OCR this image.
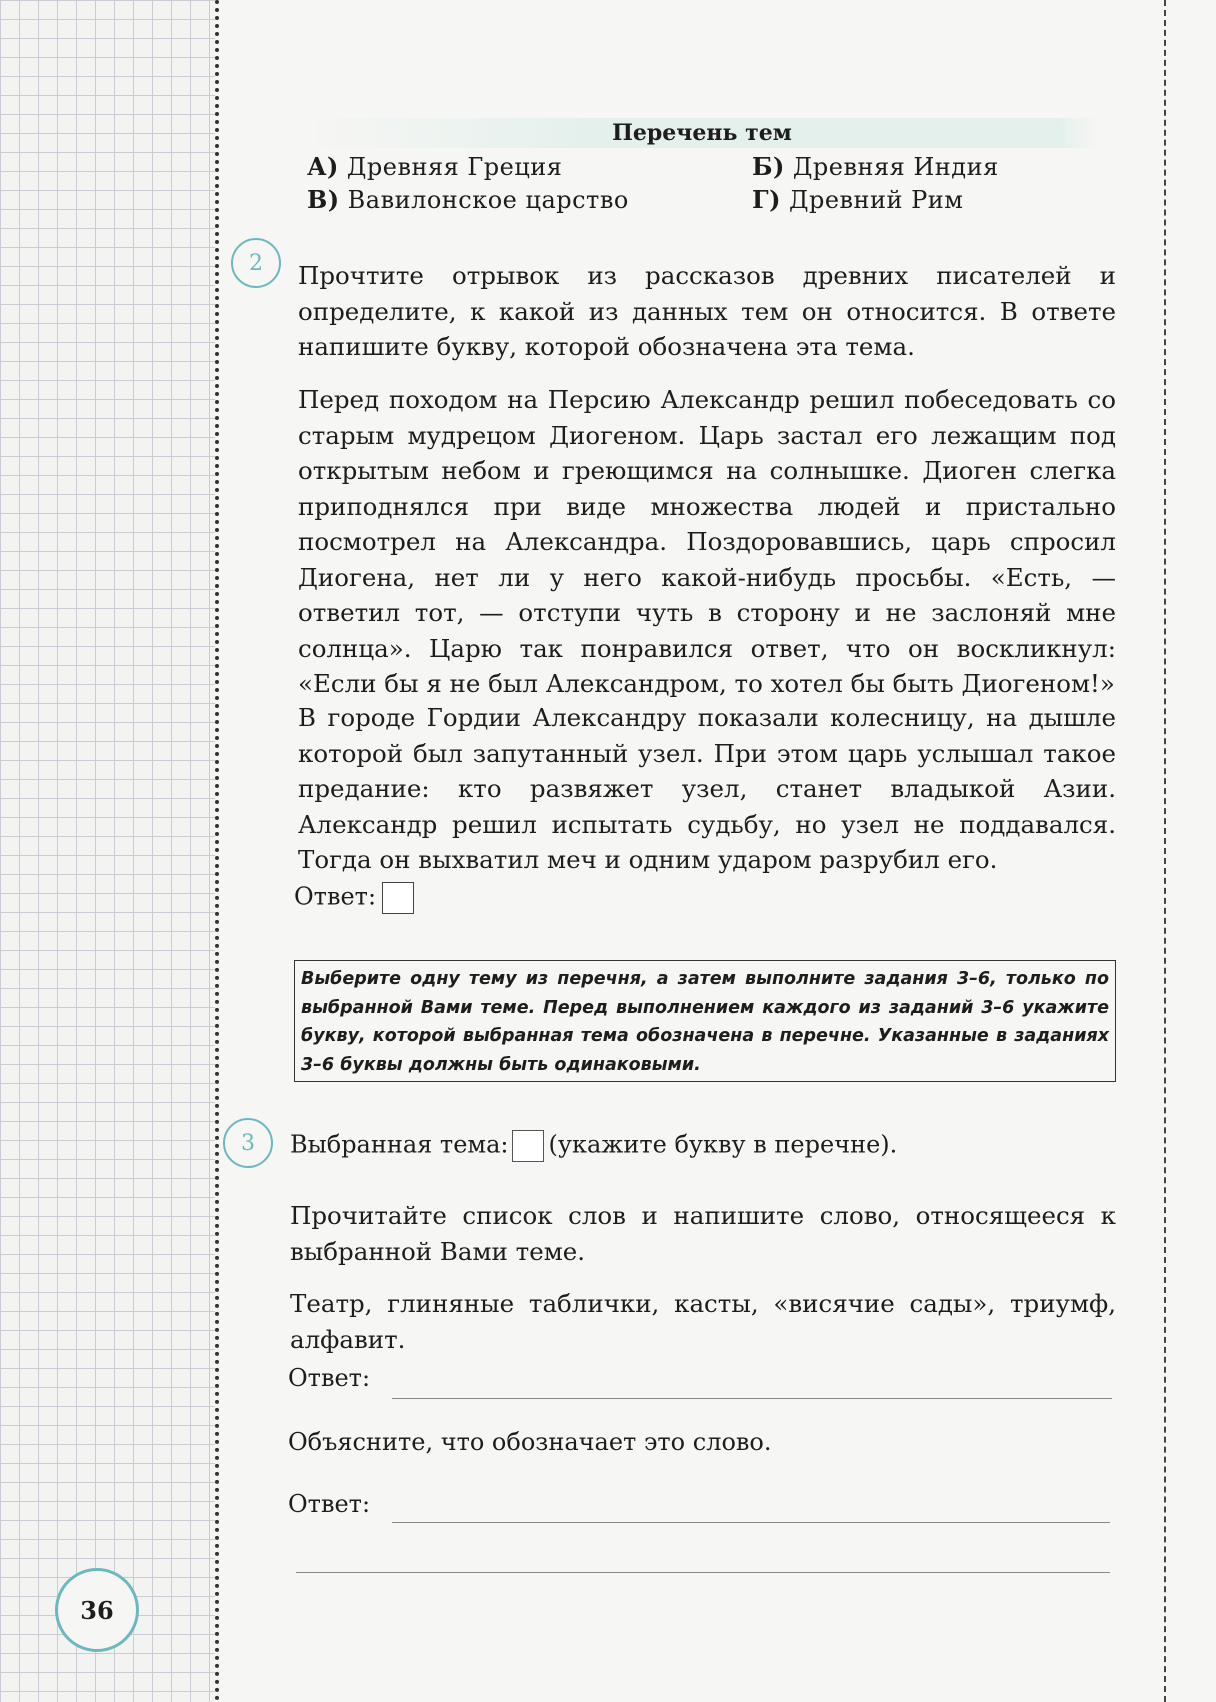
Перечень тем
А) Древняя Греция	Б) Древняя Индия
В) Вавилонское царство	Г) Древний Рим
2	Прочтите отрывок из рассказов древних писателей и определите, к какой из данных тем он относится. В ответе напишите букву, которой обозначена эта тема.

Перед походом на Персию Александр решил побеседовать со старым мудрецом Диогеном. Царь застал его лежащим под открытым небом и греющимся на солнышке. Диоген слегка приподнялся при виде множества людей и пристально посмотрел на Александра. Поздоровавшись, царь спросил Диогена, нет ли у него какой-нибудь просьбы. «Есть, — ответил тот, — отступи чуть в сторону и не заслоняй мне солнца». Царю так понравился ответ, что он воскликнул: «Если бы я не был Александром, то хотел бы быть Диогеном!»

В городе Гордии Александру показали колесницу, на дышле которой был запутанный узел. При этом царь услышал такое предание: кто развяжет узел, станет владыкой Азии. Александр решил испытать судьбу, но узел не поддавался. Тогда он выхватил меч и одним ударом разрубил его.

Ответ:
Выберите одну тему из перечня, а затем выполните задания 3–6, только по выбранной Вами теме. Перед выполнением каждого из заданий 3–6 укажите букву, которой выбранная тема обозначена в перечне. Указанные в заданиях 3–6 буквы должны быть одинаковыми.
3	Выбранная тема: (укажите букву в перечне).

Прочитайте список слов и напишите слово, относящееся к выбранной Вами теме.

Театр, глиняные таблички, касты, «висячие сады», триумф, алфавит.

Ответ:
Объясните, что обозначает это слово.
Ответ:
36
